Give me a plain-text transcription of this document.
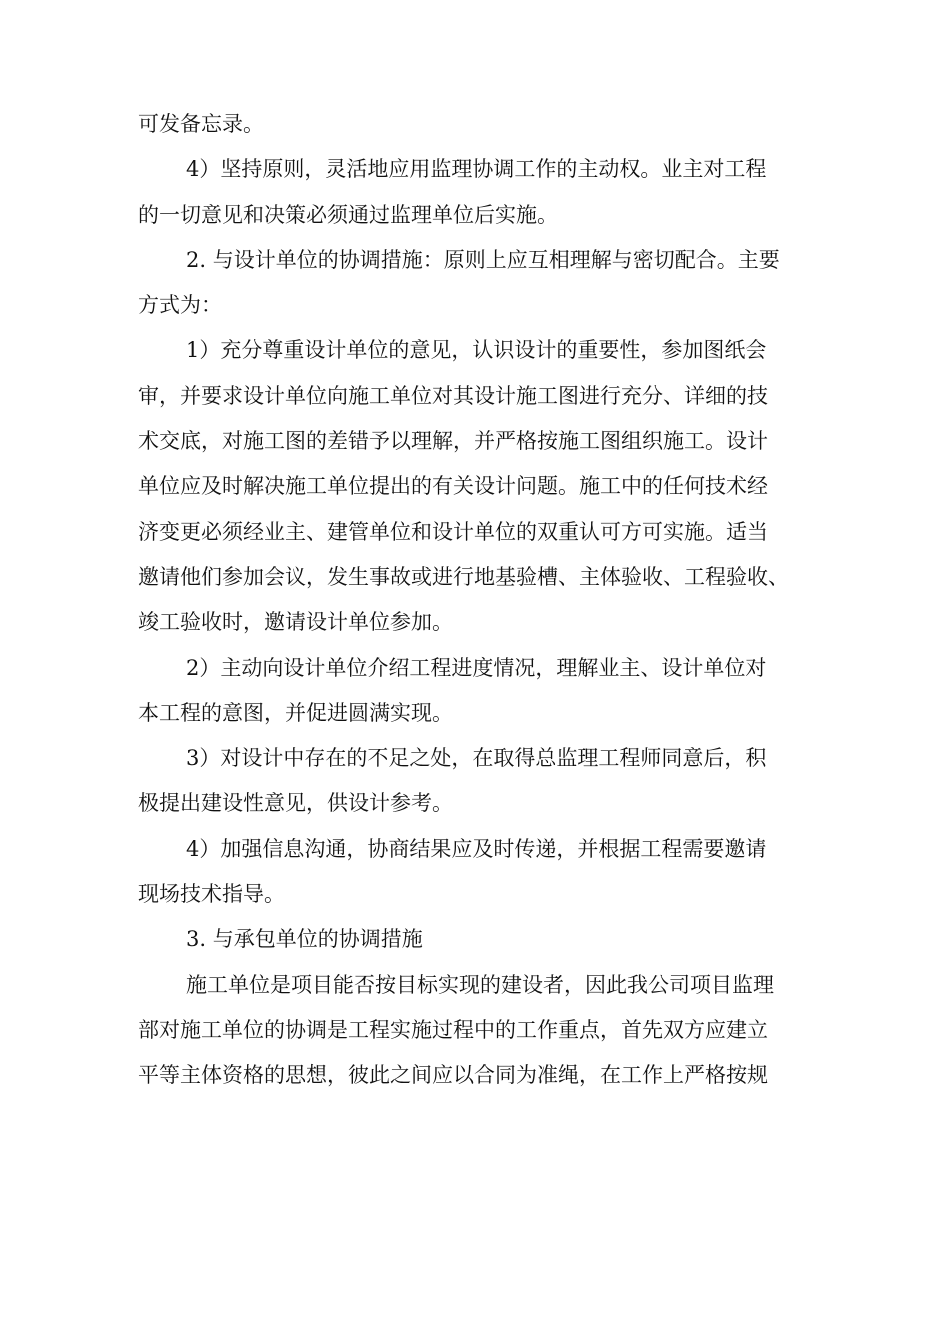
可发备忘录。
4）坚持原则，灵活地应用监理协调工作的主动权。业主对工程
的一切意见和决策必须通过监理单位后实施。
2. 与设计单位的协调措施：原则上应互相理解与密切配合。主要
方式为：
1）充分尊重设计单位的意见，认识设计的重要性，参加图纸会
审，并要求设计单位向施工单位对其设计施工图进行充分、详细的技
术交底，对施工图的差错予以理解，并严格按施工图组织施工。设计
单位应及时解决施工单位提出的有关设计问题。施工中的任何技术经
济变更必须经业主、建管单位和设计单位的双重认可方可实施。适当
邀请他们参加会议，发生事故或进行地基验槽、主体验收、工程验收、
竣工验收时，邀请设计单位参加。
2）主动向设计单位介绍工程进度情况，理解业主、设计单位对
本工程的意图，并促进圆满实现。
3）对设计中存在的不足之处，在取得总监理工程师同意后，积
极提出建设性意见，供设计参考。
4）加强信息沟通，协商结果应及时传递，并根据工程需要邀请
现场技术指导。
3. 与承包单位的协调措施
施工单位是项目能否按目标实现的建设者，因此我公司项目监理
部对施工单位的协调是工程实施过程中的工作重点，首先双方应建立
平等主体资格的思想，彼此之间应以合同为准绳，在工作上严格按规
